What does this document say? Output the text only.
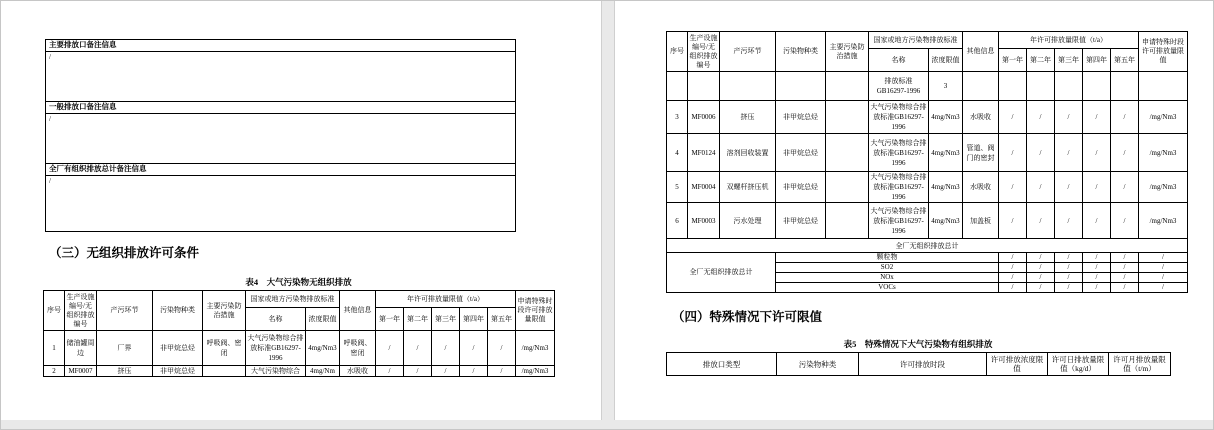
主要排放口备注信息
/
一般排放口备注信息
/
全厂有组织排放总计备注信息
/
（三）无组织排放许可条件
表4　大气污染物无组织排放
序号	生产设施编号/无组织排放编号	产污环节	污染物种类	主要污染防治措施	国家或地方污染物排放标准		其他信息	年许可排放量限值（t/a）					申请特殊时段许可排放量限值
					名称	浓度限值		第一年	第二年	第三年	第四年	第五年	
1	储油罐周边	厂界	非甲烷总烃	呼吸阀、密闭	大气污染物综合排放标准GB16297-1996	4mg/Nm3	呼吸阀、密闭	/	/	/	/	/	/mg/Nm3
2	MF0007	挤压	非甲烷总烃		大气污染物综合	4mg/Nm	水吸收	/	/	/	/	/	/mg/Nm3
序号	生产设施编号/无组织排放编号	产污环节	污染物种类	主要污染防治措施	国家或地方污染物排放标准		其他信息	年许可排放量限值（t/a）					申请特殊时段许可排放量限值
					名称	浓度限值		第一年	第二年	第三年	第四年	第五年	
					排放标准GB16297-1996	3							
3	MF0006	挤压	非甲烷总烃		大气污染物综合排放标准GB16297-1996	4mg/Nm3	水吸收	/	/	/	/	/	/mg/Nm3
4	MF0124	溶剂回收装置	非甲烷总烃		大气污染物综合排放标准GB16297-1996	4mg/Nm3	管道、阀门的密封	/	/	/	/	/	/mg/Nm3
5	MF0004	双螺杆挤压机	非甲烷总烃		大气污染物综合排放标准GB16297-1996	4mg/Nm3	水吸收	/	/	/	/	/	/mg/Nm3
6	MF0003	污水处理	非甲烷总烃		大气污染物综合排放标准GB16297-1996	4mg/Nm3	加盖板	/	/	/	/	/	/mg/Nm3
全厂无组织排放总计													
全厂无组织排放总计			颗粒物					/	/	/	/	/	/
			SO2					/	/	/	/	/	/
			NOx					/	/	/	/	/	/
			VOCs					/	/	/	/	/	/
（四）特殊情况下许可限值
表5　特殊情况下大气污染物有组织排放
排放口类型	污染物种类	许可排放时段	许可排放浓度限值	许可日排放量限值（kg/d）	许可月排放量限值（t/m）
